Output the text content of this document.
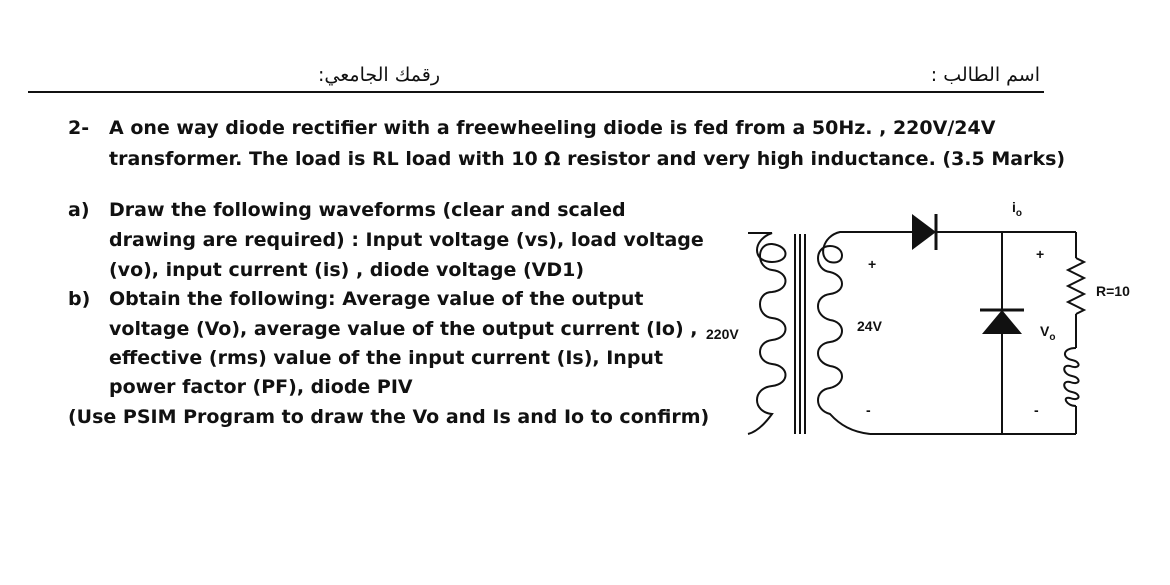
اسم الطالب :
رقمك الجامعي:
2- A one way diode rectifier with a freewheeling diode is fed from a 50Hz. , 220V/24V
transformer. The load is RL load with 10 Ω resistor and very high inductance. (3.5 Marks)
a) Draw the following waveforms (clear and scaled
drawing are required) : Input voltage (vs), load voltage
(vo), input current (is) , diode voltage (VD1)
b) Obtain the following: Average value of the output
voltage (Vo), average value of the output current (Io) ,
effective (rms) value of the input current (Is), Input
power factor (PF), diode PIV
(Use PSIM Program to draw the Vo and Is and Io to confirm)
220V	24V
+
-
+
-
$i_o$
$V_o$
R=10
